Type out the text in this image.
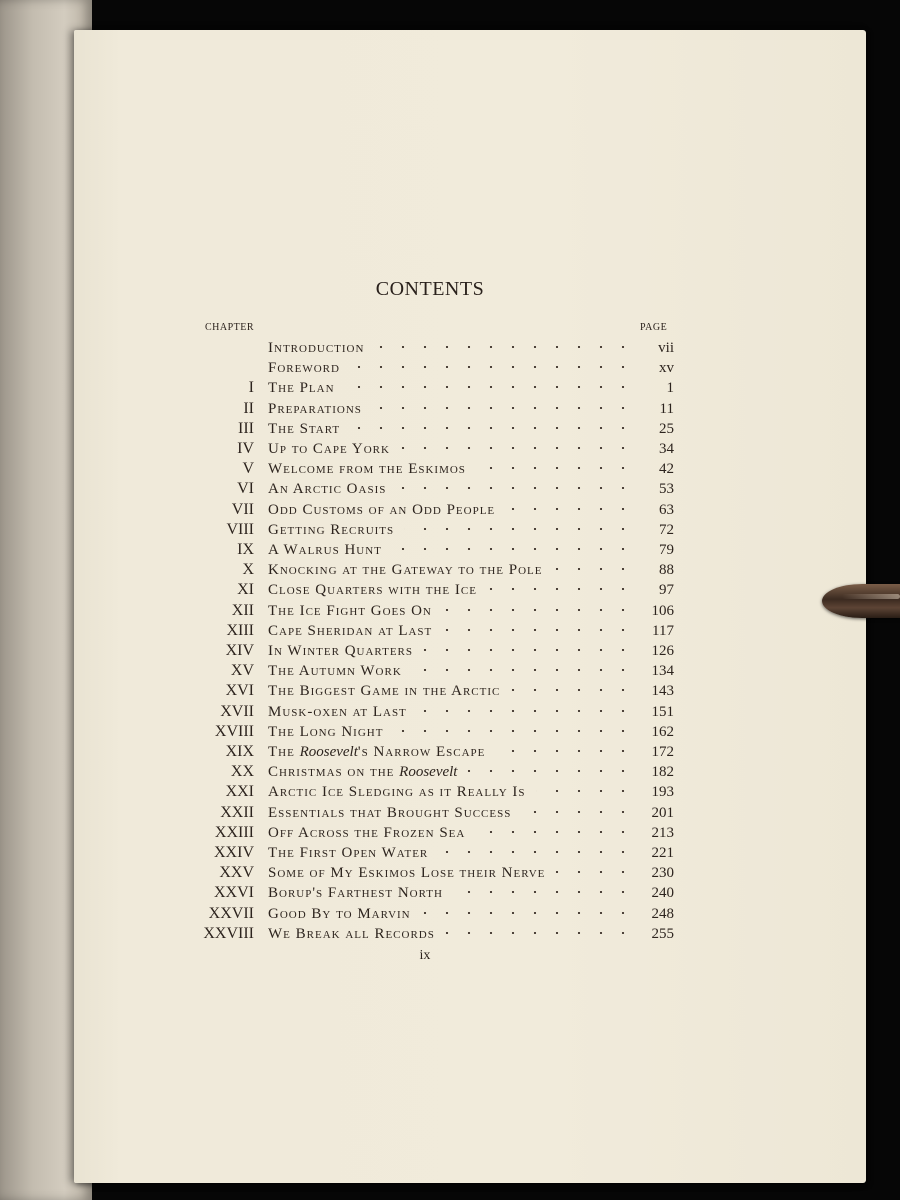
CONTENTS
CHAPTER	PAGE
Introduction	vii
Foreword	xv
I The Plan	1
II Preparations	11
III The Start	25
IV Up to Cape York	34
V Welcome from the Eskimos	42
VI An Arctic Oasis	53
VII Odd Customs of an Odd People	63
VIII Getting Recruits	72
IX A Walrus Hunt	79
X Knocking at the Gateway to the Pole	88
XI Close Quarters with the Ice	97
XII The Ice Fight Goes On	106
XIII Cape Sheridan at Last	117
XIV In Winter Quarters	126
XV The Autumn Work	134
XVI The Biggest Game in the Arctic	143
XVII Musk-oxen at Last	151
XVIII The Long Night	162
XIX The Roosevelt's Narrow Escape	172
XX Christmas on the Roosevelt	182
XXI Arctic Ice Sledging as it Really Is	193
XXII Essentials that Brought Success	201
XXIII Off Across the Frozen Sea	213
XXIV The First Open Water	221
XXV Some of My Eskimos Lose their Nerve	230
XXVI Borup's Farthest North	240
XXVII Good By to Marvin	248
XXVIII We Break all Records	255
ix
